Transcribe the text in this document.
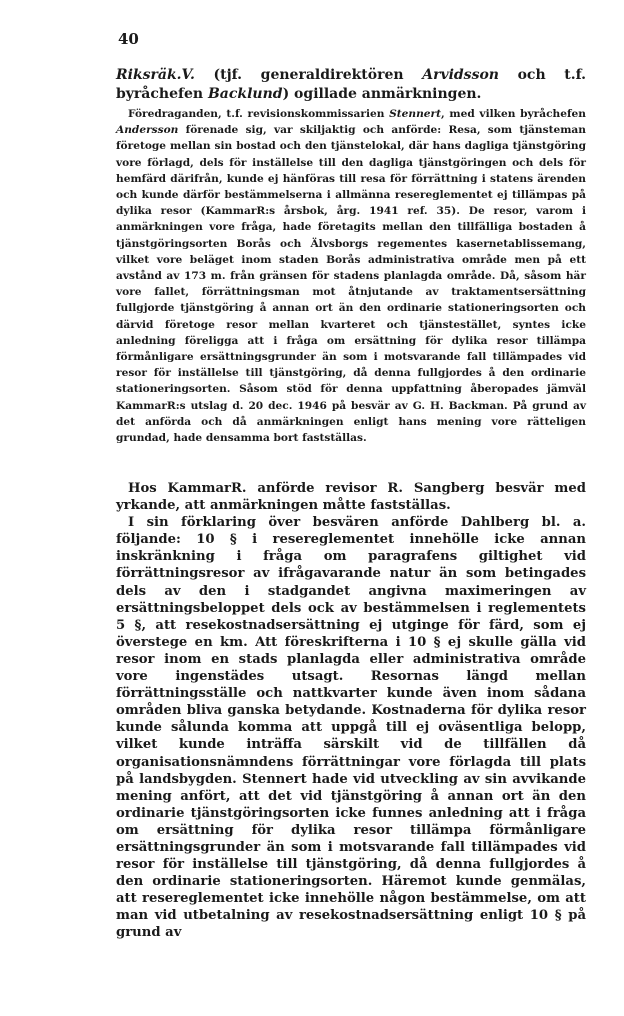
40

Riksräk.V. (tjf. generaldirektören Arvidsson och t.f. byråchefen Backlund) ogillade anmärkningen.

Föredraganden, t.f. revisionskommissarien Stennert, med vilken byråchefen Andersson förenade sig, var skiljaktig och anförde: Resa, som tjänsteman företoge mellan sin bostad och den tjänstelokal, där hans dagliga tjänstgöring vore förlagd, dels för inställelse till den dagliga tjänstgöringen och dels för hemfärd därifrån, kunde ej hänföras till resa för förrättning i statens ärenden och kunde därför bestämmelserna i allmänna resereglementet ej tillämpas på dylika resor (KammarR:s årsbok, årg. 1941 ref. 35). De resor, varom i anmärkningen vore fråga, hade företagits mellan den tillfälliga bostaden å tjänstgöringsorten Borås och Älvsborgs regementes kasernetablissemang, vilket vore beläget inom staden Borås administrativa område men på ett avstånd av 173 m. från gränsen för stadens planlagda område. Då, såsom här vore fallet, förrättningsman mot åtnjutande av traktamentsersättning fullgjorde tjänstgöring å annan ort än den ordinarie stationeringsorten och därvid företoge resor mellan kvarteret och tjänstestället, syntes icke anledning föreligga att i fråga om ersättning för dylika resor tillämpa förmånligare ersättningsgrunder än som i motsvarande fall tillämpades vid resor för inställelse till tjänstgöring, då denna fullgjordes å den ordinarie stationeringsorten. Såsom stöd för denna uppfattning åberopades jämväl KammarR:s utslag d. 20 dec. 1946 på besvär av G. H. Backman. På grund av det anförda och då anmärkningen enligt hans mening vore rätteligen grundad, hade densamma bort fastställas.

Hos KammarR. anförde revisor R. Sangberg besvär med yrkande, att anmärkningen måtte fastställas.

I sin förklaring över besvären anförde Dahlberg bl. a. följande: 10 § i resereglementet innehölle icke annan inskränkning i fråga om paragrafens giltighet vid förrättningsresor av ifrågavarande natur än som betingades dels av den i stadgandet angivna maximeringen av ersättningsbeloppet dels ock av bestämmelsen i reglementets 5 §, att resekostnadsersättning ej utginge för färd, som ej överstege en km. Att föreskrifterna i 10 § ej skulle gälla vid resor inom en stads planlagda eller administrativa område vore ingenstädes utsagt. Resornas längd mellan förrättningsställe och nattkvarter kunde även inom sådana områden bliva ganska betydande. Kostnaderna för dylika resor kunde sålunda komma att uppgå till ej oväsentliga belopp, vilket kunde inträffa särskilt vid de tillfällen då organisationsnämndens förrättningar vore förlagda till plats på landsbygden. Stennert hade vid utveckling av sin avvikande mening anfört, att det vid tjänstgöring å annan ort än den ordinarie tjänstgöringsorten icke funnes anledning att i fråga om ersättning för dylika resor tillämpa förmånligare ersättningsgrunder än som i motsvarande fall tillämpades vid resor för inställelse till tjänstgöring, då denna fullgjordes å den ordinarie stationeringsorten. Häremot kunde genmälas, att resereglementet icke innehölle någon bestämmelse, om att man vid utbetalning av resekostnadsersättning enligt 10 § på grund av
